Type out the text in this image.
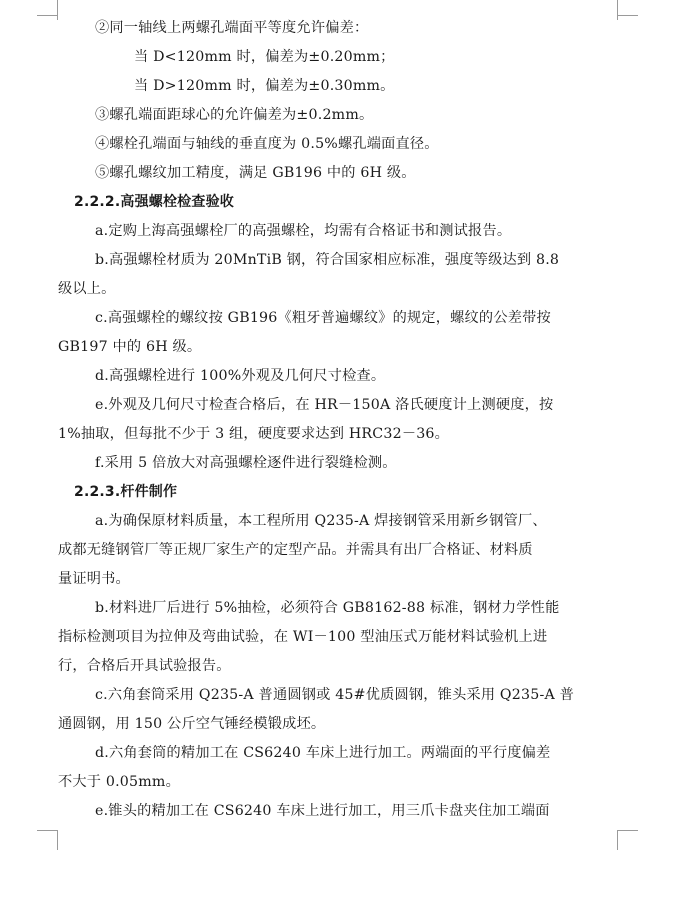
②同一轴线上两螺孔端面平等度允许偏差：
当 D<120mm 时，偏差为±0.20mm；
当 D>120mm 时，偏差为±0.30mm。
③螺孔端面距球心的允许偏差为±0.2mm。
④螺栓孔端面与轴线的垂直度为 0.5%螺孔端面直径。
⑤螺孔螺纹加工精度，满足 GB196 中的 6H 级。
2.2.2.高强螺栓检查验收
a.定购上海高强螺栓厂的高强螺栓，均需有合格证书和测试报告。
b.高强螺栓材质为 20MnTiB 钢，符合国家相应标准，强度等级达到 8.8
级以上。
c.高强螺栓的螺纹按 GB196《粗牙普遍螺纹》的规定，螺纹的公差带按
GB197 中的 6H 级。
d.高强螺栓进行 100%外观及几何尺寸检查。
e.外观及几何尺寸检查合格后，在 HR－150A 洛氏硬度计上测硬度，按
1%抽取，但每批不少于 3 组，硬度要求达到 HRC32－36。
f.采用 5 倍放大对高强螺栓逐件进行裂缝检测。
2.2.3.杆件制作
a.为确保原材料质量，本工程所用 Q235-A 焊接钢管采用新乡钢管厂、
成都无缝钢管厂等正规厂家生产的定型产品。并需具有出厂合格证、材料质
量证明书。
b.材料进厂后进行 5%抽检，必须符合 GB8162-88 标准，钢材力学性能
指标检测项目为拉伸及弯曲试验，在 WI－100 型油压式万能材料试验机上进
行，合格后开具试验报告。
c.六角套筒采用 Q235-A 普通圆钢或 45#优质圆钢，锥头采用 Q235-A 普
通圆钢，用 150 公斤空气锤经模锻成坯。
d.六角套筒的精加工在 CS6240 车床上进行加工。两端面的平行度偏差
不大于 0.05mm。
e.锥头的精加工在 CS6240 车床上进行加工，用三爪卡盘夹住加工端面
